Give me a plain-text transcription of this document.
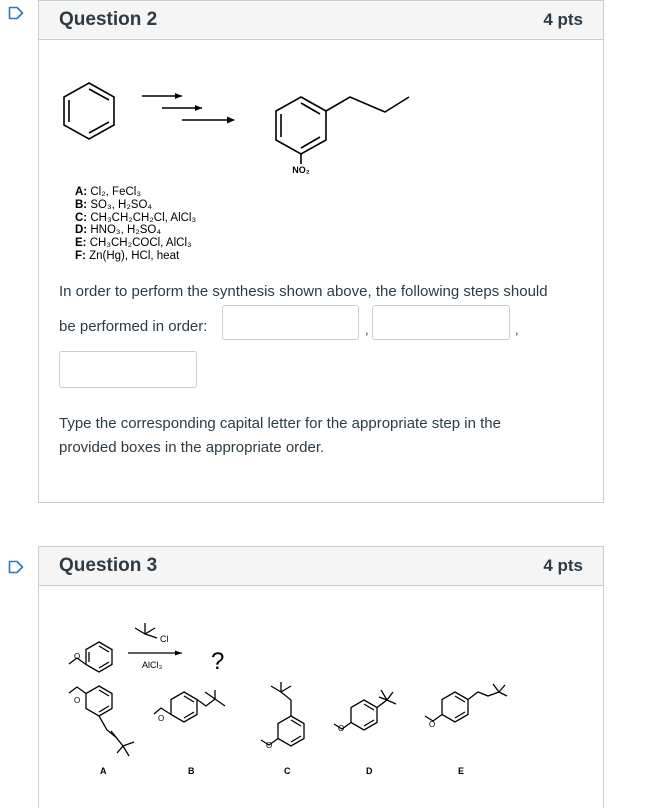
Question 2	4 pts
NO₂
A: Cl₂, FeCl₃
B: SO₃, H₂SO₄
C: CH₃CH₂CH₂Cl, AlCl₃
D: HNO₃, H₂SO₄
E: CH₃CH₂COCl, AlCl₃
F: Zn(Hg), HCl, heat
In order to perform the synthesis shown above, the following steps should
be performed in order:	,	,
Type the corresponding capital letter for the appropriate step in the
provided boxes in the appropriate order.
Question 3	4 pts
Cl
AlCl₃ ?
O
O
O
O
O	O
A	B	C	D	E
